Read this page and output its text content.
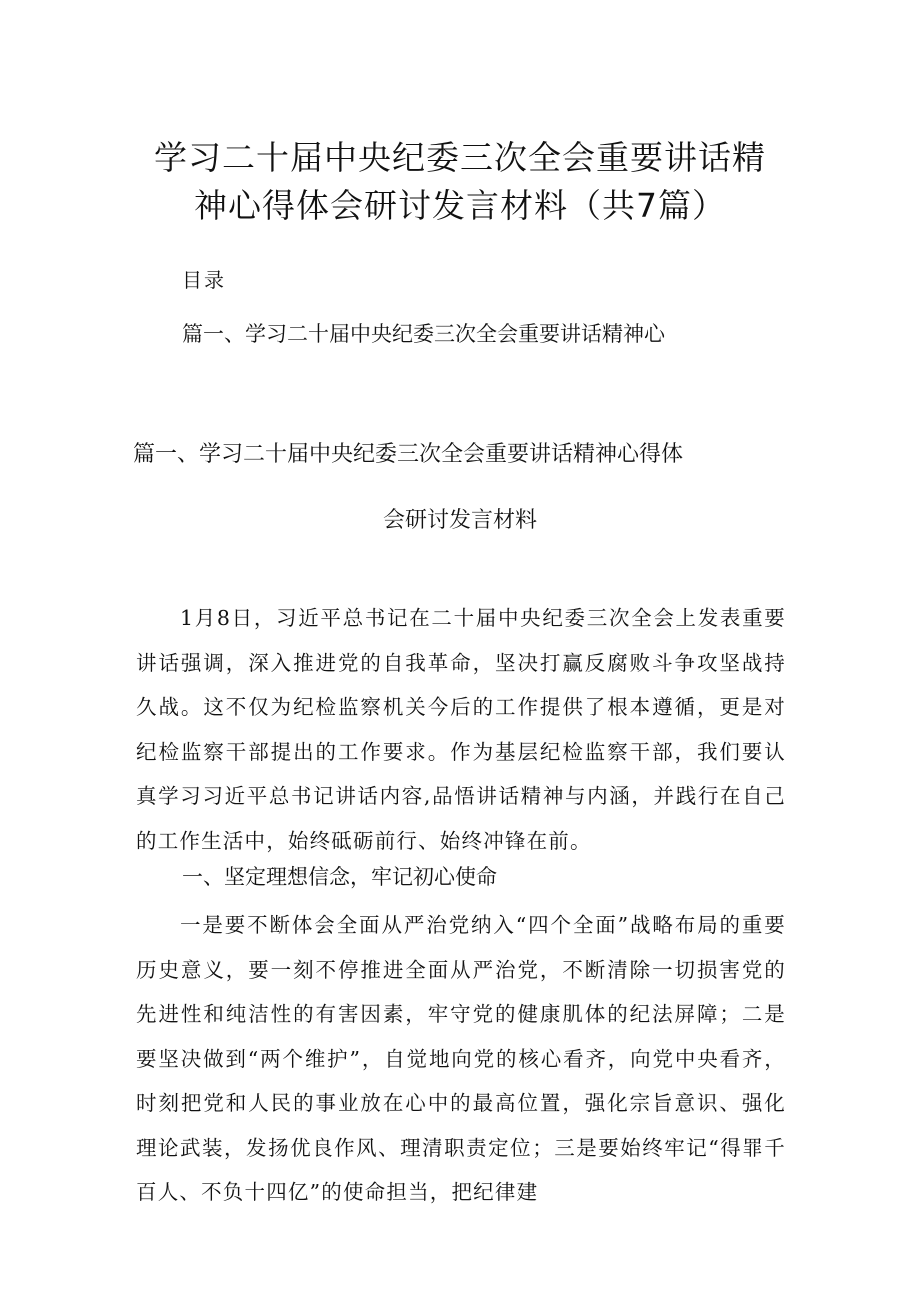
学习二十届中央纪委三次全会重要讲话精
神心得体会研讨发言材料（共7篇）
目录
篇一、学习二十届中央纪委三次全会重要讲话精神心
篇一、学习二十届中央纪委三次全会重要讲话精神心得体
会研讨发言材料
1月8日，习近平总书记在二十届中央纪委三次全会上发表重要讲话强调，深入推进党的自我革命，坚决打赢反腐败斗争攻坚战持久战。这不仅为纪检监察机关今后的工作提供了根本遵循，更是对纪检监察干部提出的工作要求。作为基层纪检监察干部，我们要认真学习习近平总书记讲话内容,品悟讲话精神与内涵，并践行在自己的工作生活中，始终砥砺前行、始终冲锋在前。
一、坚定理想信念，牢记初心使命
一是要不断体会全面从严治党纳入“四个全面”战略布局的重要历史意义，要一刻不停推进全面从严治党，不断清除一切损害党的先进性和纯洁性的有害因素，牢守党的健康肌体的纪法屏障；二是要坚决做到“两个维护”，自觉地向党的核心看齐，向党中央看齐，时刻把党和人民的事业放在心中的最高位置，强化宗旨意识、强化理论武装，发扬优良作风、理清职责定位；三是要始终牢记“得罪千百人、不负十四亿”的使命担当，把纪律建
